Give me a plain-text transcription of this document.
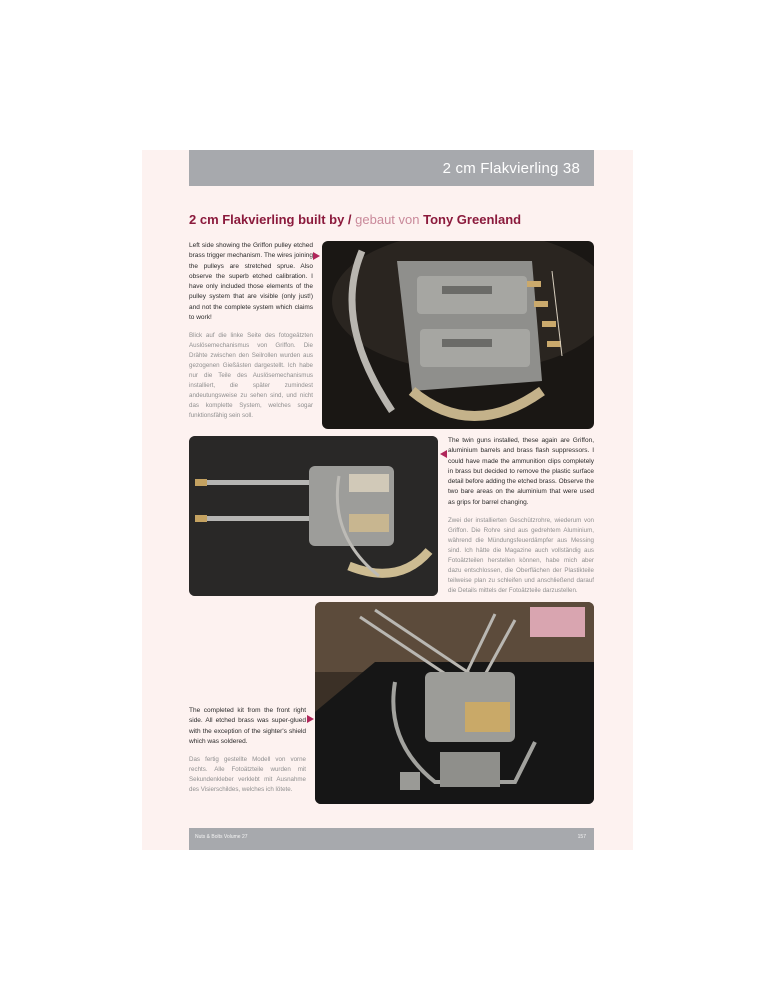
2 cm Flakvierling 38
2 cm Flakvierling built by / gebaut von Tony Greenland
Left side showing the Griffon pulley etched brass trigger mechanism. The wires joining the pulleys are stretched sprue. Also observe the superb etched calibration. I have only included those elements of the pulley system that are visible (only just!) and not the complete system which claims to work!
Blick auf die linke Seite des fotogeätzten Auslösemechanismus von Griffon. Die Drähte zwischen den Seilrollen wurden aus gezogenen Gießästen dargestellt. Ich habe nur die Teile des Auslösemechanismus installiert, die später zumindest andeutungsweise zu sehen sind, und nicht das komplette System, welches sogar funktionsfähig sein soll.
The twin guns installed, these again are Griffon, aluminium barrels and brass flash suppressors. I could have made the ammunition clips completely in brass but decided to remove the plastic surface detail before adding the etched brass. Observe the two bare areas on the aluminium that were used as grips for barrel changing.
Zwei der installierten Geschützrohre, wiederum von Griffon. Die Rohre sind aus gedrehtem Aluminium, während die Mündungsfeuerdämpfer aus Messing sind. Ich hätte die Magazine auch vollständig aus Fotoätzteilen herstellen können, habe mich aber dazu entschlossen, die Oberflächen der Plastikteile teilweise plan zu schleifen und anschließend darauf die Details mittels der Fotoätzteile darzustellen.
The completed kit from the front right side. All etched brass was super-glued with the exception of the sighter's shield which was soldered.
Das fertig gestellte Modell von vorne rechts. Alle Fotoätzteile wurden mit Sekundenkleber verklebt mit Ausnahme des Visierschildes, welches ich lötete.
Nuts & Bolts Volume 27	157
